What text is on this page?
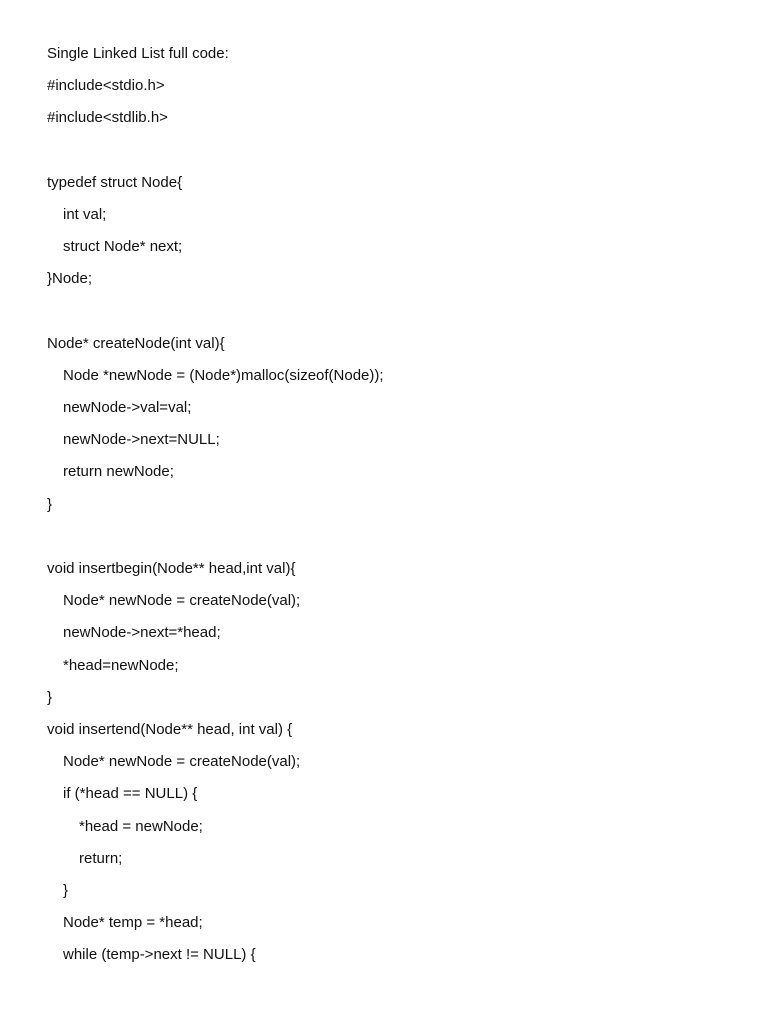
Single Linked List full code:
#include<stdio.h>
#include<stdlib.h>
typedef struct Node{
int val;
struct Node* next;
}Node;
Node* createNode(int val){
Node *newNode = (Node*)malloc(sizeof(Node));
newNode->val=val;
newNode->next=NULL;
return newNode;
}
void insertbegin(Node** head,int val){
Node* newNode = createNode(val);
newNode->next=*head;
*head=newNode;
}
void insertend(Node** head, int val) {
Node* newNode = createNode(val);
if (*head == NULL) {
*head = newNode;
return;
}
Node* temp = *head;
while (temp->next != NULL) {
